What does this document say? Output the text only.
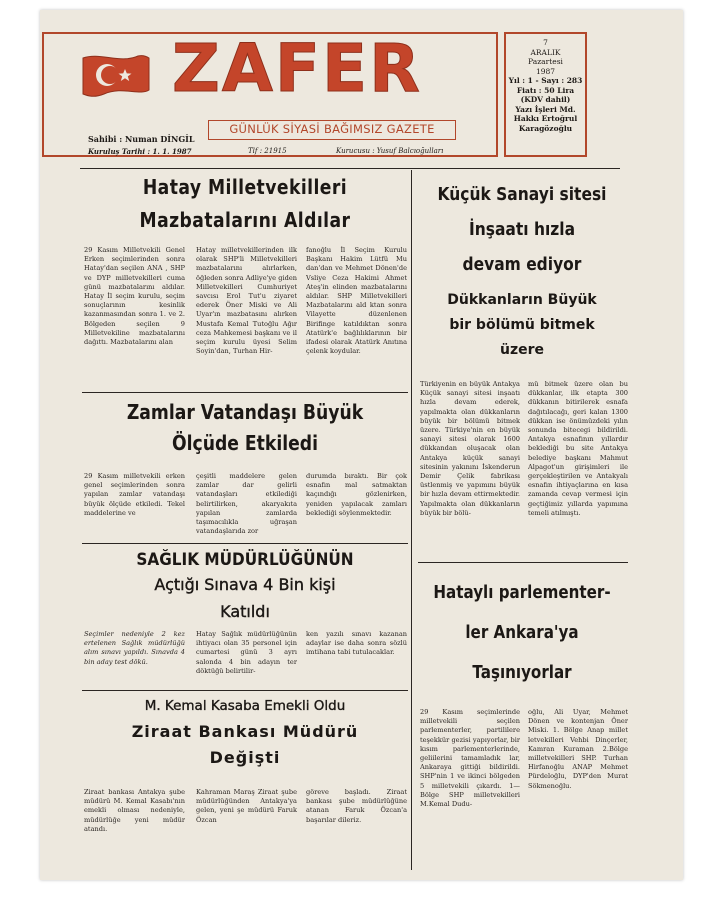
ZAFER
GÜNLÜK SİYASİ BAĞIMSIZ GAZETE
Sahibi : Numan DİNGİL
Kuruluş Tarihi : 1. 1. 1987	Tlf : 21915	Kurucusu : Yusuf Balcıoğulları
7
ARALIK
Pazartesi
1987
Yıl : 1 - Sayı : 283
Fiatı : 50 Lira
(KDV dahil)
Yazı İşleri Md.
Hakkı Ertoğrul
Karagözoğlu
Hatay Milletvekilleri
Mazbatalarını Aldılar
29 Kasım Milletvekili Genel Erken seçimlerinden sonra Hatay'dan seçilen ANA , SHP ve DYP milletvekilleri cuma günü mazbatalarını aldılar. Hatay İl seçim kurulu, seçim sonuçlarının kesinlik kazanmasından sonra 1. ve 2. Bölgeden seçilen 9 Milletvekiline mazbatalarını dağıttı. Mazbatalarını alan
Hatay milletvekillerinden ilk olarak SHP'li Milletvekilleri mazbatalarını alırlarken, öğleden sonra Adliye'ye giden Milletvekilleri Cumhuriyet savcısı Erol Tut'u ziyaret ederek Öner Miski ve Ali Uyar'ın mazbatasını alırken Mustafa Kemal Tutoğlu Ağır ceza Mahkemesi başkanı ve il seçim kurulu üyesi Selim Soyin'dan, Turhan Hir-
fanoğlu İl Seçim Kurulu Başkanı Hakim Lütfü Mu dan'dan ve Mehmet Dönen'de Vsliye Ceza Hakimi Ahmet Ateş'in elinden mazbatalarını aldılar. SHP Milletvekilleri Mazbatalarını ald ktan sonra Vilayette düzenlenen Birifinge katıldıktan sonra Atatürk'e bağlılıklarının bir ifadesi olarak Atatürk Anıtına çelenk koydular.
Zamlar Vatandaşı Büyük
Ölçüde Etkiledi
29 Kasım milletvekili erken genel seçimlerinden sonra yapılan zamlar vatandaşı büyük ölçüde etkiledi. Tekel maddelerine ve
çeşitli maddelere gelen zamlar dar gelirli vatandaşları etkilediği belirtilirken, akaryakıta yapılan zamlarda taşımacılıkla uğraşan vatandaşlarıda zor
durumda bıraktı. Bir çok esnafın mal satmaktan kaçındığı gözlenirken, yeniden yapılacak zamları beklediği söylenmektedir.
SAĞLIK MÜDÜRLÜĞÜNÜN
Açtığı Sınava 4 Bin kişi
Katıldı
Seçimler nedeniyle 2 kez ertelenen Sağlık müdürlüğü alım sınavı yapıldı. Sınavda 4 bin aday test dökü.
Hatay Sağlık müdürlüğünün ihtiyacı olan 35 personel için cumartesi günü 3 ayrı salonda 4 bin adayın ter döktüğü belirtilir-
ken yazılı sınavı kazanan adaylar ise daha sonra sözlü imtihana tabi tutulacaklar.
M. Kemal Kasaba Emekli Oldu
Ziraat Bankası Müdürü
Değişti
Ziraat bankası Antakya şube müdürü M. Kemal Kasabı'nın emekli olması nedeniyle, müdürlüğe yeni müdür atandı.
Kahraman Maraş Ziraat şube müdürlüğünden Antakya'ya gelen, yeni şe müdürü Faruk Özcan
göreve başladı. Ziraat bankası şube müdürlüğüne atanan Faruk Özcan'a başarılar dileriz.
Küçük Sanayi sitesi
İnşaatı hızla
devam ediyor
Dükkanların Büyük
bir bölümü bitmek
üzere
Türkiyenin en büyük Antakya Küçük sanayi sitesi inşaatı hızla devam ederek, yapılmakta olan dükkanların büyük bir bölümü bitmek üzere. Türkiye'nin en büyük sanayi sitesi olarak 1600 dükkandan oluşacak olan Antakya küçük sanayi sitesinin yakınını İskenderun Demir Çelik fabrikası üstlenmiş ve yapımını büyük bir hızla devam ettirmektedir. Yapılmakta olan dükkanların büyük bir bölü-
mü bitmek üzere olan bu dükkanlar, ilk etapta 300 dükkanın bitirilerek esnafa dağıtılacağı, geri kalan 1300 dükkan ise önümüzdeki yılın sonunda bitecegi bildirildi. Antakya esnafının yıllardır beklediği bu site Antakya belediye başkanı Mahmut Alpagot'un girişimleri ile gerçekleştirilen ve Antakyalı esnafın ihtiyaçlarına en kısa zamanda cevap vermesi için geçtiğimiz yıllarda yapımına temeli atılmıştı.
Hataylı parlementer-
ler Ankara'ya
Taşınıyorlar
29 Kasım seçimlerinde milletvekili seçilen parlementerler, partililere teşekkür gezisi yapıyorlar, bir kısım parlementerlerinde, geliilerini tamamladık lar, Ankaraya gittiği bildirildi. SHP'nin 1 ve ikinci bölgeden 5 milletvekili çıkardı. 1—Bölge SHP milletvekilleri M.Kemal Dudu-
oğlu, Ali Uyar, Mehmet Dönen ve kontenjan Öner Miski. 1. Bölge Anap millet letvekilleri Vehbi Dinçerler, Kamran Kuraman 2.Bölge milletvekilleri SHP. Turhan Hirfanoğlu ANAP Mehmet Pürdeloğlu, DYP'den Murat Sökmenoğlu.
